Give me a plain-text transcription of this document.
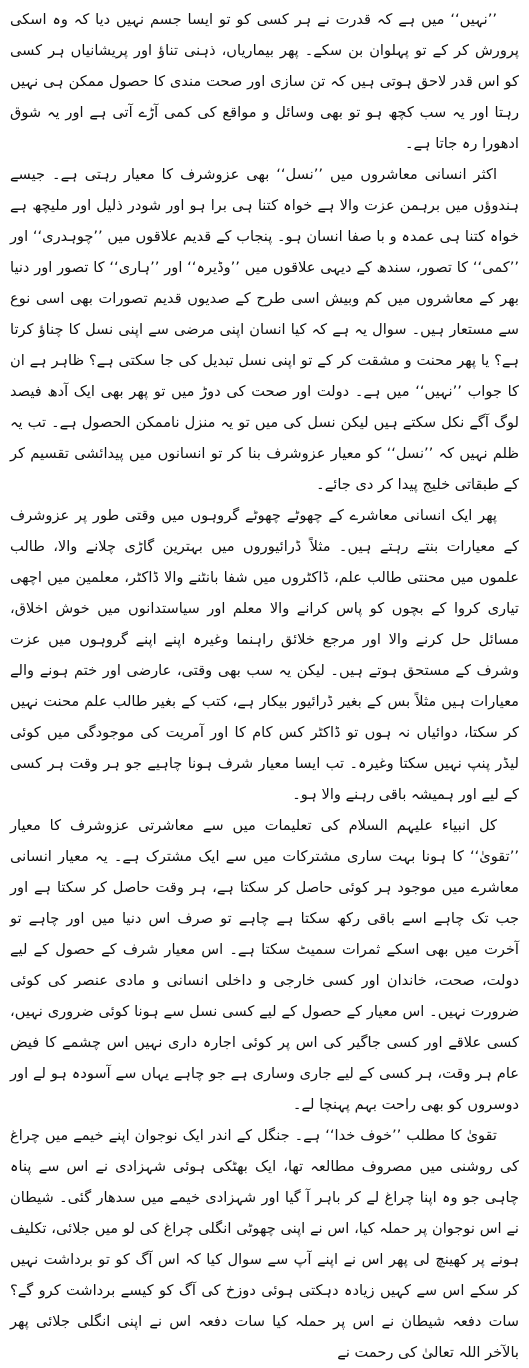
’’نہیں‘‘ میں ہے کہ قدرت نے ہر کسی کو تو ایسا جسم نہیں دیا کہ وہ اسکی پرورش کر کے تو پہلوان بن سکے۔ پھر بیماریاں، ذہنی تناؤ اور پریشانیاں ہر کسی کو اس قدر لاحق ہوتی ہیں کہ تن سازی اور صحت مندی کا حصول ممکن ہی نہیں رہتا اور یہ سب کچھ ہو تو بھی وسائل و مواقع کی کمی آڑے آتی ہے اور یہ شوق ادھورا رہ جاتا ہے۔

اکثر انسانی معاشروں میں ’’نسل‘‘ بھی عزوشرف کا معیار رہتی ہے۔ جیسے ہندوؤں میں برہمن عزت والا ہے خواہ کتنا ہی برا ہو اور شودر ذلیل اور ملیچھ ہے خواہ کتنا ہی عمدہ و با صفا انسان ہو۔ پنجاب کے قدیم علاقوں میں ’’چوہدری‘‘ اور ’’کمی‘‘ کا تصور، سندھ کے دیہی علاقوں میں ’’وڈیرہ‘‘ اور ’’ہاری‘‘ کا تصور اور دنیا بھر کے معاشروں میں کم وبیش اسی طرح کے صدیوں قدیم تصورات بھی اسی نوع سے مستعار ہیں۔ سوال یہ ہے کہ کیا انسان اپنی مرضی سے اپنی نسل کا چناؤ کرتا ہے؟ یا پھر محنت و مشقت کر کے تو اپنی نسل تبدیل کی جا سکتی ہے؟ ظاہر ہے ان کا جواب ’’نہیں‘‘ میں ہے۔ دولت اور صحت کی دوڑ میں تو پھر بھی ایک آدھ فیصد لوگ آگے نکل سکتے ہیں لیکن نسل کی میں تو یہ منزل ناممکن الحصول ہے۔ تب یہ ظلم نہیں کہ ’’نسل‘‘ کو معیار عزوشرف بنا کر تو انسانوں میں پیدائشی تقسیم کر کے طبقاتی خلیج پیدا کر دی جائے۔

پھر ایک انسانی معاشرے کے چھوٹے چھوٹے گروہوں میں وقتی طور پر عزوشرف کے معیارات بنتے رہتے ہیں۔ مثلاً ڈرائیوروں میں بہترین گاڑی چلانے والا، طالب علموں میں محنتی طالب علم، ڈاکٹروں میں شفا بانٹنے والا ڈاکٹر، معلمین میں اچھی تیاری کروا کے بچوں کو پاس کرانے والا معلم اور سیاستدانوں میں خوش اخلاق، مسائل حل کرنے والا اور مرجع خلائق راہنما وغیرہ اپنے اپنے گروہوں میں عزت وشرف کے مستحق ہوتے ہیں۔ لیکن یہ سب بھی وقتی، عارضی اور ختم ہونے والے معیارات ہیں مثلاً بس کے بغیر ڈرائیور بیکار ہے، کتب کے بغیر طالب علم محنت نہیں کر سکتا، دوائیاں نہ ہوں تو ڈاکٹر کس کام کا اور آمریت کی موجودگی میں کوئی لیڈر پنپ نہیں سکتا وغیرہ۔ تب ایسا معیار شرف ہونا چاہیے جو ہر وقت ہر کسی کے لیے اور ہمیشہ باقی رہنے والا ہو۔

کل انبیاء علیہم السلام کی تعلیمات میں سے معاشرتی عزوشرف کا معیار ’’تقویٰ‘‘ کا ہونا بہت ساری مشترکات میں سے ایک مشترک ہے۔ یہ معیار انسانی معاشرے میں موجود ہر کوئی حاصل کر سکتا ہے، ہر وقت حاصل کر سکتا ہے اور جب تک چاہے اسے باقی رکھ سکتا ہے چاہے تو صرف اس دنیا میں اور چاہے تو آخرت میں بھی اسکے ثمرات سمیٹ سکتا ہے۔ اس معیار شرف کے حصول کے لیے دولت، صحت، خاندان اور کسی خارجی و داخلی انسانی و مادی عنصر کی کوئی ضرورت نہیں۔ اس معیار کے حصول کے لیے کسی نسل سے ہونا کوئی ضروری نہیں، کسی علاقے اور کسی جاگیر کی اس پر کوئی اجارہ داری نہیں اس چشمے کا فیض عام ہر وقت، ہر کسی کے لیے جاری وساری ہے جو چاہے یہاں سے آسودہ ہو لے اور دوسروں کو بھی راحت بہم پہنچا لے۔

تقویٰ کا مطلب ’’خوف خدا‘‘ ہے۔ جنگل کے اندر ایک نوجوان اپنے خیمے میں چراغ کی روشنی میں مصروف مطالعہ تھا، ایک بھٹکی ہوئی شہزادی نے اس سے پناہ چاہی جو وہ اپنا چراغ لے کر باہر آ گیا اور شہزادی خیمے میں سدھار گئی۔ شیطان نے اس نوجوان پر حملہ کیا، اس نے اپنی چھوٹی انگلی چراغ کی لو میں جلائی، تکلیف ہونے پر کھینچ لی پھر اس نے اپنے آپ سے سوال کیا کہ اس آگ کو تو برداشت نہیں کر سکے اس سے کہیں زیادہ دہکتی ہوئی دوزخ کی آگ کو کیسے برداشت کرو گے؟ سات دفعہ شیطان نے اس پر حملہ کیا سات دفعہ اس نے اپنی انگلی جلائی پھر بالآخر اللہ تعالیٰ کی رحمت نے
